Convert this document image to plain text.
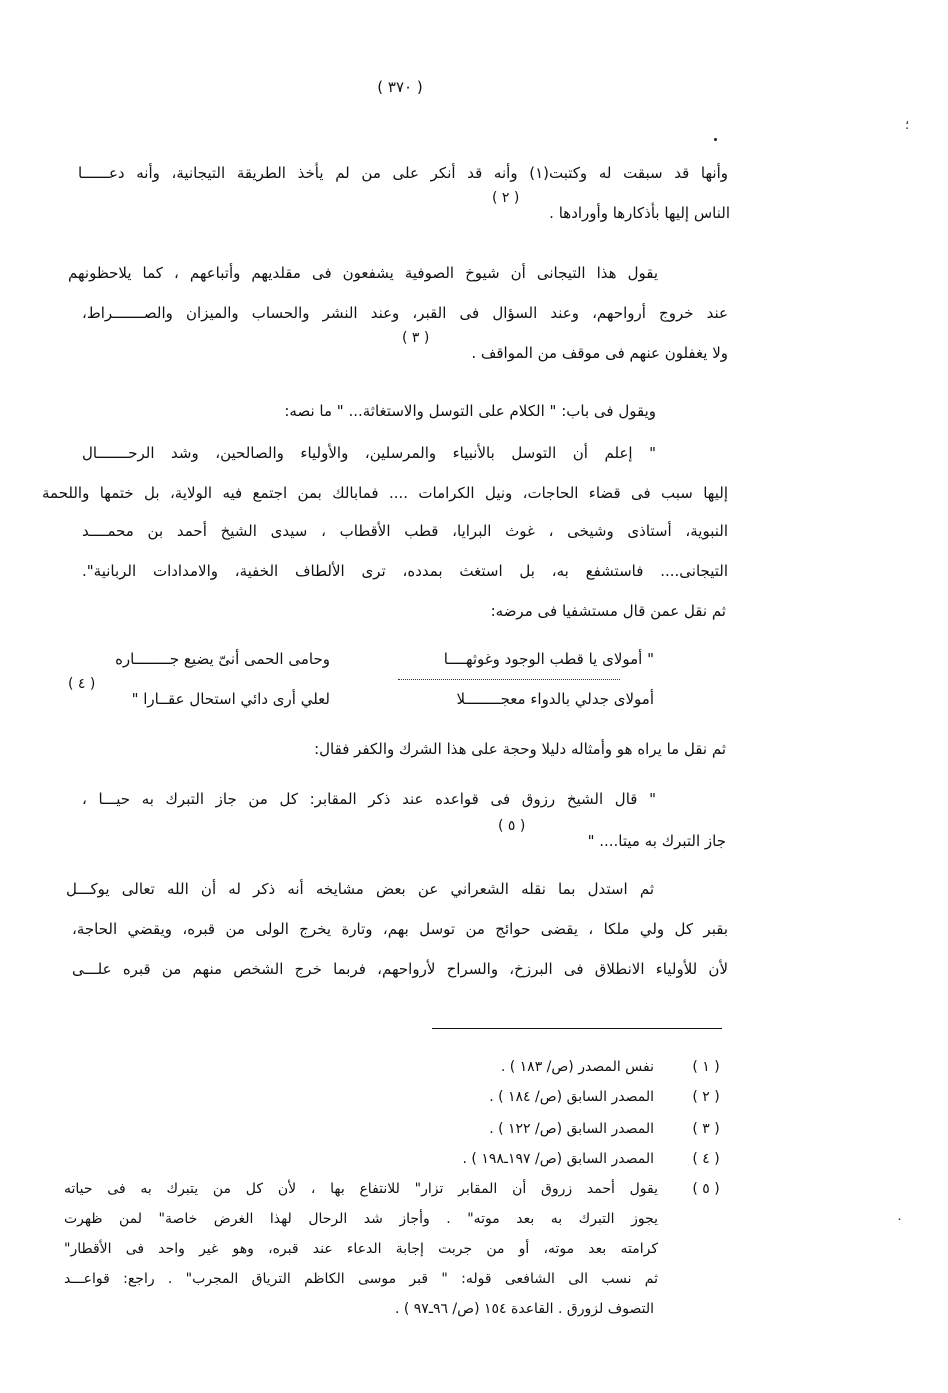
( ٣٧٠ )
؛
٠
وأنها قد سبقت له وكتبت(١) وأنه قد أنكر على من لم يأخذ الطريقة التيجانية، وأنه دعــــــا
الناس إليها بأذكارها وأورادها .
( ٢ )
يقول هذا التيجانى أن شيوخ الصوفية يشفعون فى مقلديهم وأتباعهم ، كما يلاحظونهم
عند خروج أرواحهم، وعند السؤال فى القبر، وعند النشر والحساب والميزان والصـــــــراط،
ولا يغفلون عنهم فى موقف من المواقف .
( ٣ )
ويقول فى باب: " الكلام على التوسل والاستغاثة... " ما نصه:
" إعلم أن التوسل بالأنبياء والمرسلين، والأولياء والصالحين، وشد الرحـــــــال
إليها سبب فى قضاء الحاجات، ونيل الكرامات .... فمابالك بمن اجتمع فيه الولاية، بل ختمها واللحمة
النبوية، أستاذى وشيخى ، غوث البرايا، قطب الأقطاب ، سيدى الشيخ أحمد بن محمــــد
التيجانى.... فاستشفع به، بل استغث بمدده، ترى الألطاف الخفية، والامدادات الربانية".
ثم نقل عمن قال مستشفيا فى مرضه:
" أمولاى يا قطب الوجود وغوثهــــا
وحامى الحمى أنىّ يضيع جــــــــاره
أمولاى جدلي بالدواء معجــــــــلا
لعلي أرى دائي استحال عقــارا "
( ٤ )
ثم نقل ما يراه هو وأمثاله دليلا وحجة على هذا الشرك والكفر فقال:
" قال الشيخ رزوق فى قواعده عند ذكر المقابر: كل من جاز التبرك به حيـــا ،
جاز التبرك به ميتا.... "
( ٥ )
ثم استدل بما نقله الشعراني عن بعض مشايخه أنه ذكر له أن الله تعالى يوكـــل
بقبر كل ولي ملكا ، يقضى حوائج من توسل بهم، وتارة يخرج الولى من قبره، ويقضي الحاجة،
لأن للأولياء الانطلاق فى البرزخ، والسراح لأرواحهم، فربما خرج الشخص منهم من قبره علـــى
( ١ )
نفس المصدر (ص/ ١٨٣ ) .
( ٢ )
المصدر السابق (ص/ ١٨٤ ) .
( ٣ )
المصدر السابق (ص/ ١٢٢ ) .
( ٤ )
المصدر السابق (ص/ ١٩٧ـ١٩٨ ) .
( ٥ )
يقول أحمد زروق أن المقابر تزار" للانتفاع بها ، لأن كل من يتبرك به فى حياته
يجوز التبرك به بعد موته" . وأجاز شد الرحال لهذا الغرض خاصة" لمن ظهرت
كرامته بعد موته، أو من جربت إجابة الدعاء عند قبره، وهو غير واحد فى الأقطار"
ثم نسب الى الشافعى قوله: " قبر موسى الكاظم الترياق المجرب" . راجع: قواعـــد
التصوف لزورق . القاعدة ١٥٤ (ص/ ٩٦ـ٩٧ ) .
